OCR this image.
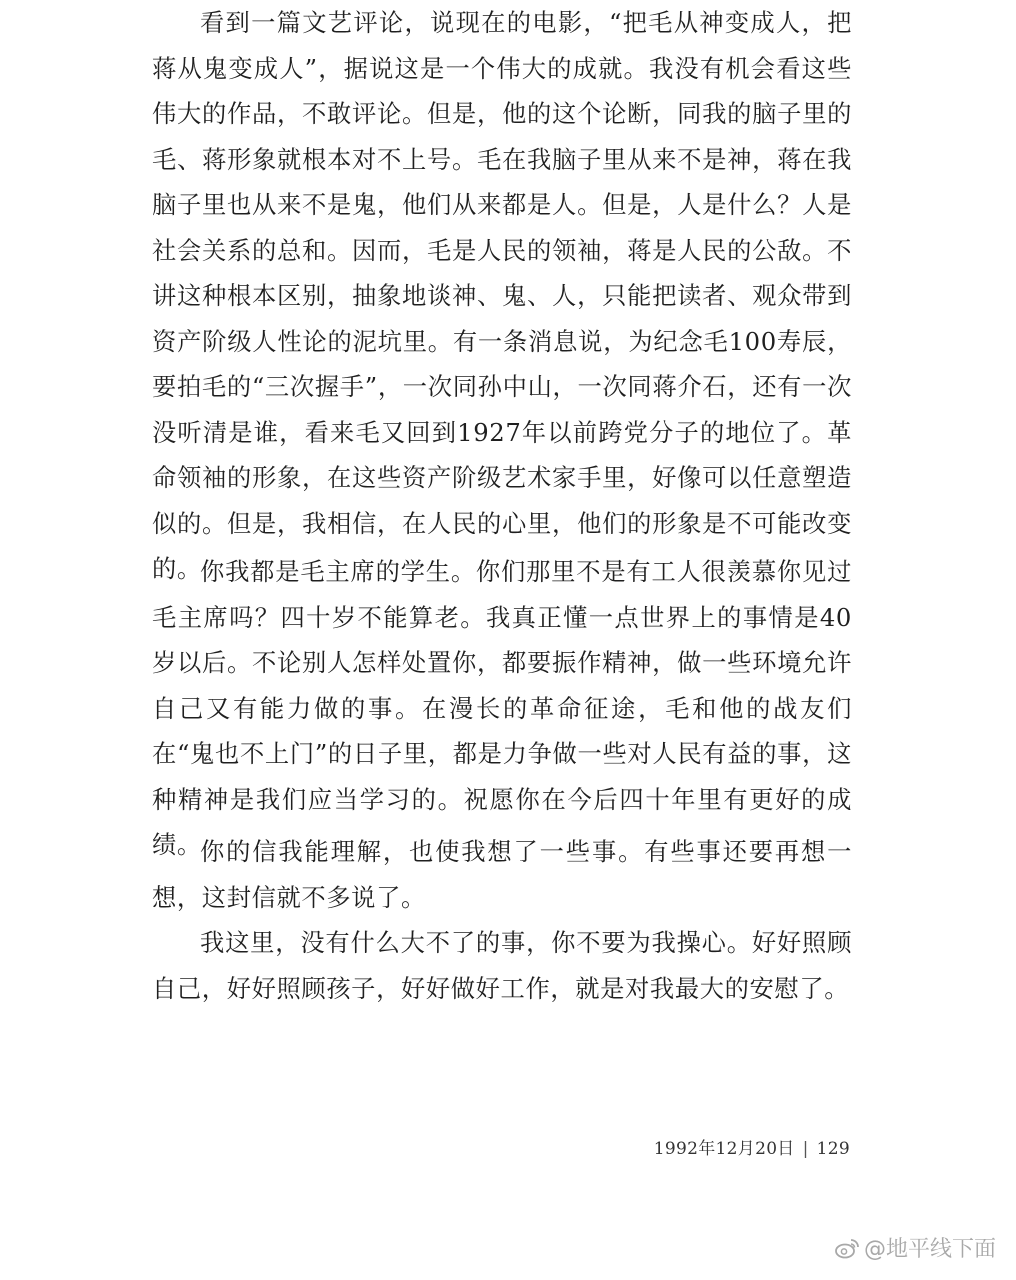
看到一篇文艺评论，说现在的电影，“把毛从神变成人，把蒋从鬼变成人”，据说这是一个伟大的成就。我没有机会看这些伟大的作品，不敢评论。但是，他的这个论断，同我的脑子里的毛、蒋形象就根本对不上号。毛在我脑子里从来不是神，蒋在我脑子里也从来不是鬼，他们从来都是人。但是，人是什么？人是社会关系的总和。因而，毛是人民的领袖，蒋是人民的公敌。不讲这种根本区别，抽象地谈神、鬼、人，只能把读者、观众带到资产阶级人性论的泥坑里。有一条消息说，为纪念毛100寿辰，要拍毛的“三次握手”，一次同孙中山，一次同蒋介石，还有一次没听清是谁，看来毛又回到1927年以前跨党分子的地位了。革命领袖的形象，在这些资产阶级艺术家手里，好像可以任意塑造似的。但是，我相信，在人民的心里，他们的形象是不可能改变的。

你我都是毛主席的学生。你们那里不是有工人很羡慕你见过毛主席吗？四十岁不能算老。我真正懂一点世界上的事情是40岁以后。不论别人怎样处置你，都要振作精神，做一些环境允许自己又有能力做的事。在漫长的革命征途，毛和他的战友们在“鬼也不上门”的日子里，都是力争做一些对人民有益的事，这种精神是我们应当学习的。祝愿你在今后四十年里有更好的成绩。

你的信我能理解，也使我想了一些事。有些事还要再想一想，这封信就不多说了。

我这里，没有什么大不了的事，你不要为我操心。好好照顾自己，好好照顾孩子，好好做好工作，就是对我最大的安慰了。

1992年12月20日 | 129
@地平线下面
